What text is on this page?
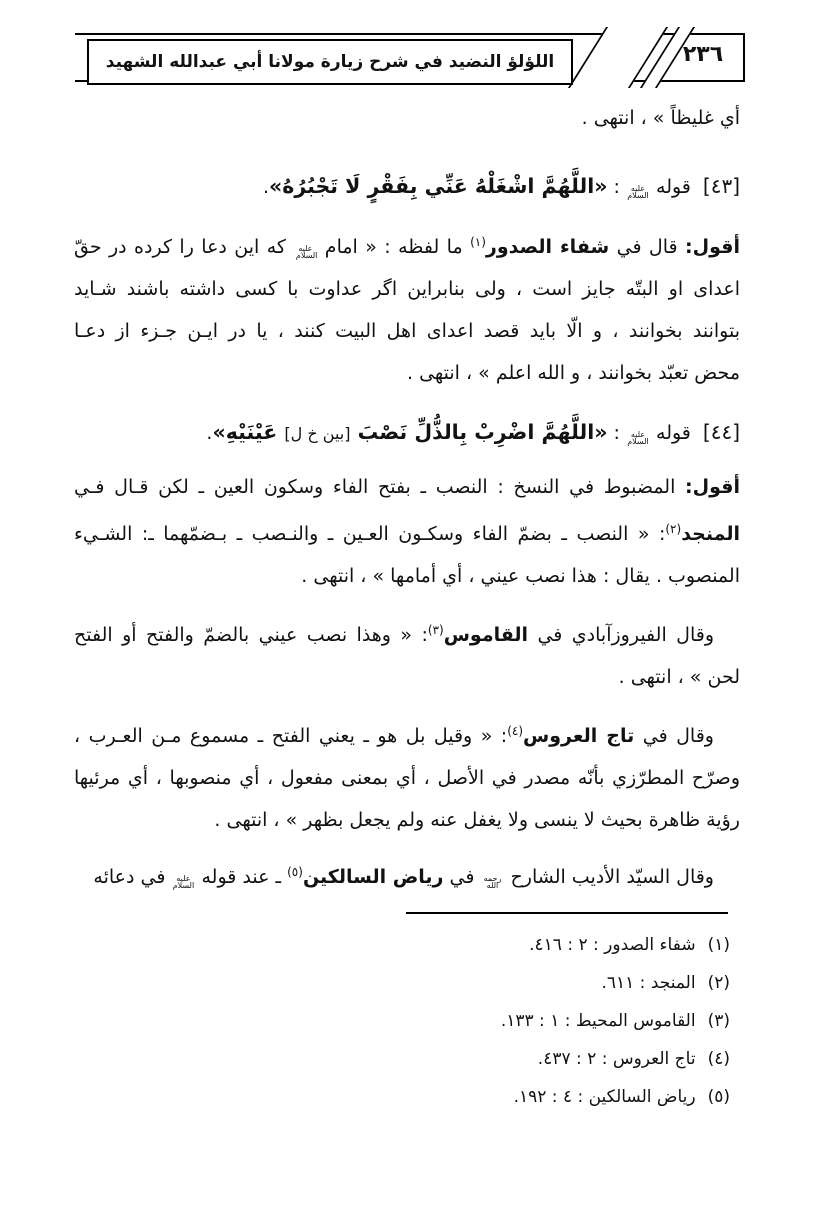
اللؤلؤ النضيد في شرح زيارة مولانا أبي عبدالله الشهيد	٢٣٦
أي غليظاً » ، انتهى .
[٤٣]قوله عليه السلام : «اللَّهُمَّ اشْغَلْهُ عَنِّي بِفَقْرٍ لَا تَجْبُرُهُ».
أقول: قال في شفاء الصدور$^{(١)}$ ما لفظه : « امام عليه السلام كه اين دعا را كرده در حقّ
اعداى او البتّه جايز است ، ولى بنابراين اگر عداوت با كسى داشته باشند شـايد
بتوانند بخوانند ، و الّا بايد قصد اعداى اهل البيت كنند ، يا در ايـن جـزء از دعـا
محض تعبّد بخوانند ، و الله اعلم » ، انتهى .
[٤٤]قوله عليه السلام : «اللَّهُمَّ اضْرِبْ بِالذُّلِّ نَصْبَ [بين خ ل] عَيْنَيْهِ».
أقول: المضبوط في النسخ : النصب ـ بفتح الفاء وسكون العين ـ لكن قـال فـي
المنجد$^{(٢)}$: « النصب ـ بضمّ الفاء وسكـون العـين ـ والنـصب ـ بـضمّهما ـ: الشـيء
المنصوب . يقال : هذا نصب عيني ، أي أمامها » ، انتهى .
وقال الفيروزآبادي في القاموس$^{(٣)}$: « وهذا نصب عيني بالضمّ والفتح أو الفتح
لحن » ، انتهى .
وقال في تاج العروس$^{(٤)}$: « وقيل بل هو ـ يعني الفتح ـ مسموع مـن العـرب ،
وصرّح المطرّزي بأنّه مصدر في الأصل ، أي بمعنى مفعول ، أي منصوبها ، أي مرئيها
رؤية ظاهرة بحيث لا ينسى ولا يغفل عنه ولم يجعل بظهر » ، انتهى .
وقال السيّد الأديب الشارح رحمه الله في رياض السالكين$^{(٥)}$ ـ عند قوله عليه السلام في دعائه
(١)شفاء الصدور : ٢ : ٤١٦.
(٢)المنجد : ٦١١.
(٣)القاموس المحيط : ١ : ١٣٣.
(٤)تاج العروس : ٢ : ٤٣٧.
(٥)رياض السالكين : ٤ : ١٩٢.
